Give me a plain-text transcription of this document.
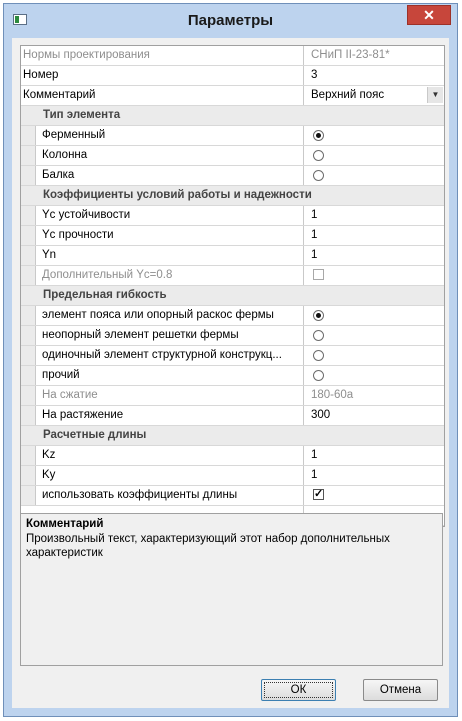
Параметры	✕
Нормы проектирования	СНиП II-23-81*
Номер	3
Комментарий	Верхний пояс	▼
Тип элемента
Ферменный
Колонна
Балка
Коэффициенты условий работы и надежности
Yc устойчивости	1
Yc прочности	1
Yn	1
Дополнительный Yc=0.8
Предельная гибкость
элемент пояса или опорный раскос фермы
неопорный элемент решетки фермы
одиночный элемент структурной конструкц...
прочий
На сжатие	180-60a
На растяжение	300
Расчетные длины
Kz	1
Ky	1
использовать коэффициенты длины	✓
Комментарий
Произвольный текст, характеризующий этот набор дополнительных характеристик
ОК	Отмена
